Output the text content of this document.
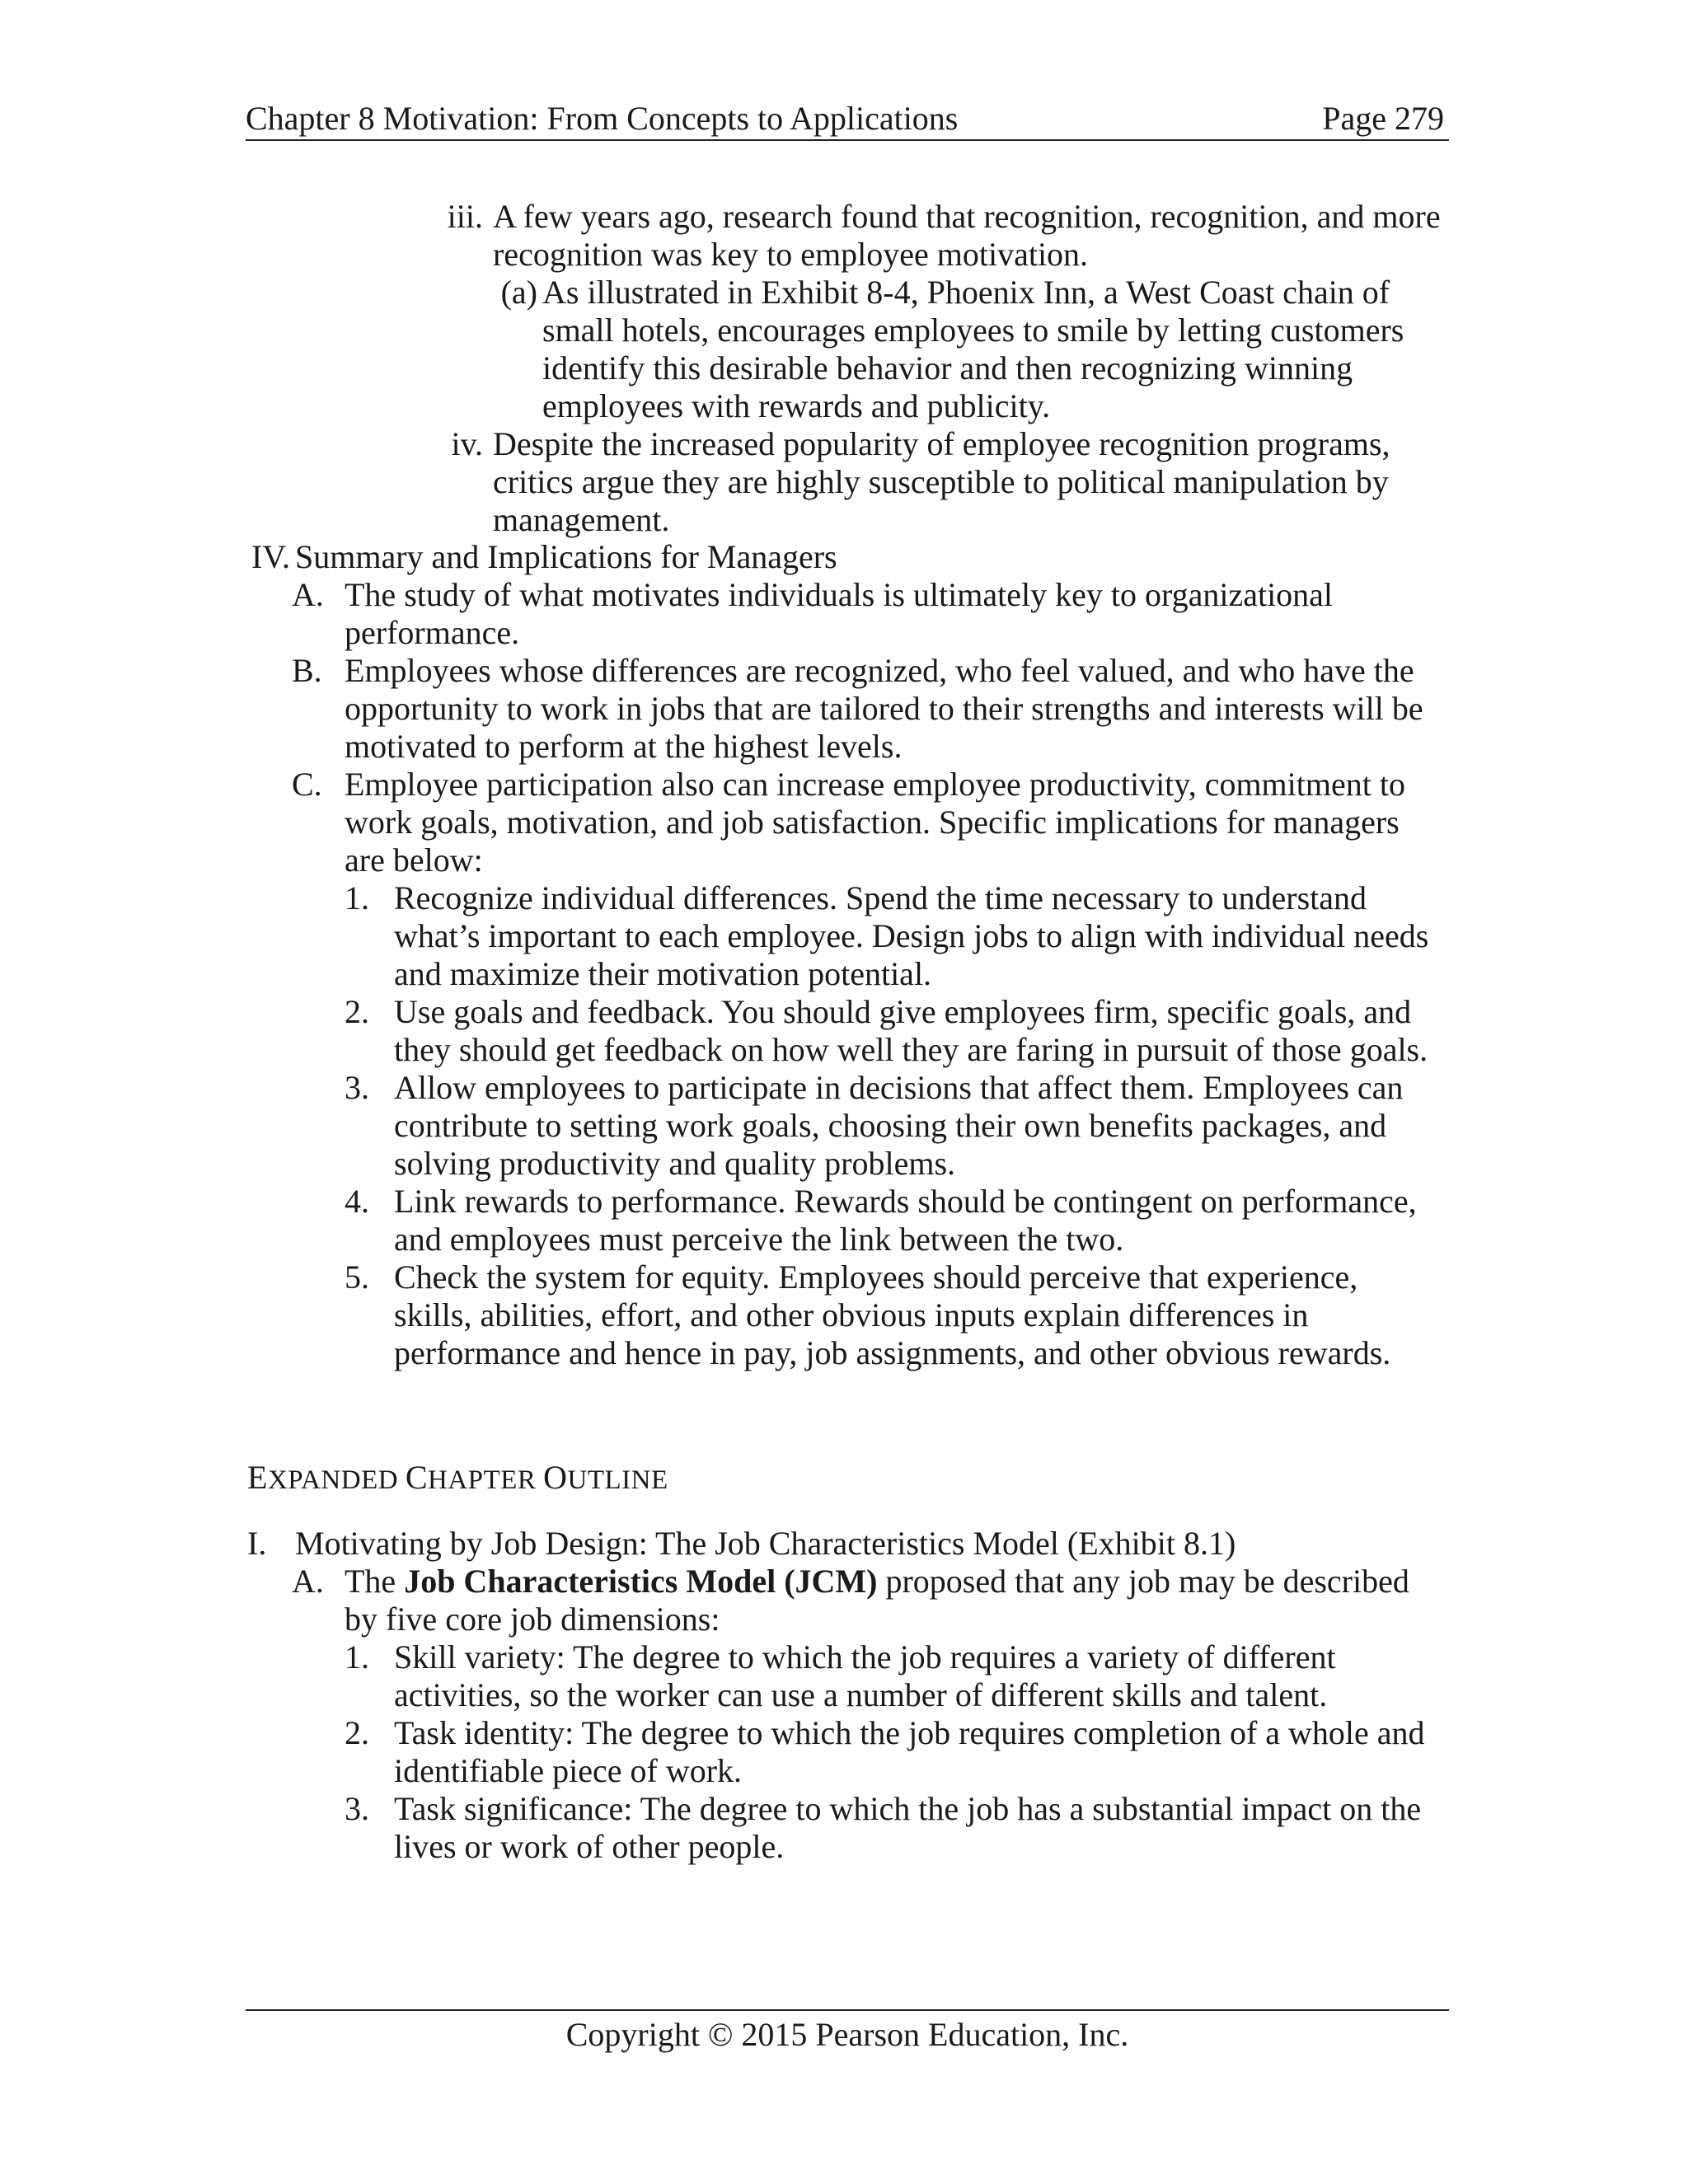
Chapter 8 Motivation: From Concepts to Applications	Page 279
iii. A few years ago, research found that recognition, recognition, and more recognition was key to employee motivation.
(a) As illustrated in Exhibit 8-4, Phoenix Inn, a West Coast chain of small hotels, encourages employees to smile by letting customers identify this desirable behavior and then recognizing winning employees with rewards and publicity.
iv. Despite the increased popularity of employee recognition programs, critics argue they are highly susceptible to political manipulation by management.
IV. Summary and Implications for Managers
A. The study of what motivates individuals is ultimately key to organizational performance.
B. Employees whose differences are recognized, who feel valued, and who have the opportunity to work in jobs that are tailored to their strengths and interests will be motivated to perform at the highest levels.
C. Employee participation also can increase employee productivity, commitment to work goals, motivation, and job satisfaction. Specific implications for managers are below:
1. Recognize individual differences. Spend the time necessary to understand what’s important to each employee. Design jobs to align with individual needs and maximize their motivation potential.
2. Use goals and feedback. You should give employees firm, specific goals, and they should get feedback on how well they are faring in pursuit of those goals.
3. Allow employees to participate in decisions that affect them. Employees can contribute to setting work goals, choosing their own benefits packages, and solving productivity and quality problems.
4. Link rewards to performance. Rewards should be contingent on performance, and employees must perceive the link between the two.
5. Check the system for equity. Employees should perceive that experience, skills, abilities, effort, and other obvious inputs explain differences in performance and hence in pay, job assignments, and other obvious rewards.
EXPANDED CHAPTER OUTLINE
I. Motivating by Job Design: The Job Characteristics Model (Exhibit 8.1)
A. The Job Characteristics Model (JCM) proposed that any job may be described by five core job dimensions:
1. Skill variety: The degree to which the job requires a variety of different activities, so the worker can use a number of different skills and talent.
2. Task identity: The degree to which the job requires completion of a whole and identifiable piece of work.
3. Task significance: The degree to which the job has a substantial impact on the lives or work of other people.
Copyright © 2015 Pearson Education, Inc.
